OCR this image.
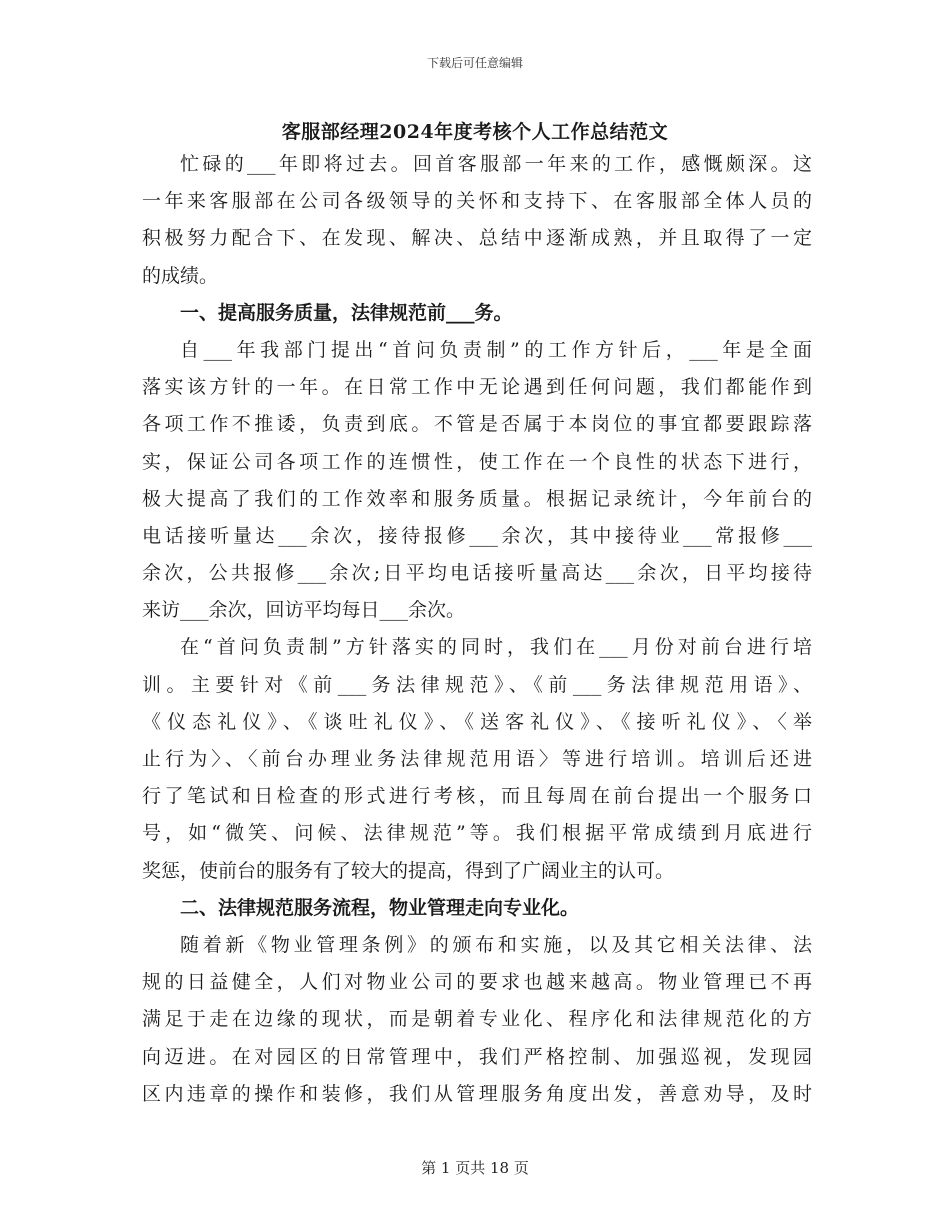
下载后可任意编辑
客服部经理2024年度考核个人工作总结范文
忙碌的___年即将过去。回首客服部一年来的工作，感慨颇深。这
一年来客服部在公司各级领导的关怀和支持下、在客服部全体人员的
积极努力配合下、在发现、解决、总结中逐渐成熟，并且取得了一定
的成绩。
一、提高服务质量，法律规范前___务。
自___年我部门提出“首问负责制”的工作方针后，___年是全面
落实该方针的一年。在日常工作中无论遇到任何问题，我们都能作到
各项工作不推诿，负责到底。不管是否属于本岗位的事宜都要跟踪落
实，保证公司各项工作的连惯性，使工作在一个良性的状态下进行，
极大提高了我们的工作效率和服务质量。根据记录统计，今年前台的
电话接听量达___余次，接待报修___余次，其中接待业___常报修___
余次，公共报修___余次;日平均电话接听量高达___余次，日平均接待
来访___余次，回访平均每日___余次。
在“首问负责制”方针落实的同时，我们在___月份对前台进行培
训。主要针对《前___务法律规范》、《前___务法律规范用语》、
《仪态礼仪》、《谈吐礼仪》、《送客礼仪》、《接听礼仪》、〈举
止行为〉、〈前台办理业务法律规范用语〉等进行培训。培训后还进
行了笔试和日检查的形式进行考核，而且每周在前台提出一个服务口
号，如“微笑、问候、法律规范”等。我们根据平常成绩到月底进行
奖惩，使前台的服务有了较大的提高，得到了广阔业主的认可。
二、法律规范服务流程，物业管理走向专业化。
随着新《物业管理条例》的颁布和实施，以及其它相关法律、法
规的日益健全，人们对物业公司的要求也越来越高。物业管理已不再
满足于走在边缘的现状，而是朝着专业化、程序化和法律规范化的方
向迈进。在对园区的日常管理中，我们严格控制、加强巡视，发现园
区内违章的操作和装修，我们从管理服务角度出发，善意劝导，及时
第 1 页共 18 页
